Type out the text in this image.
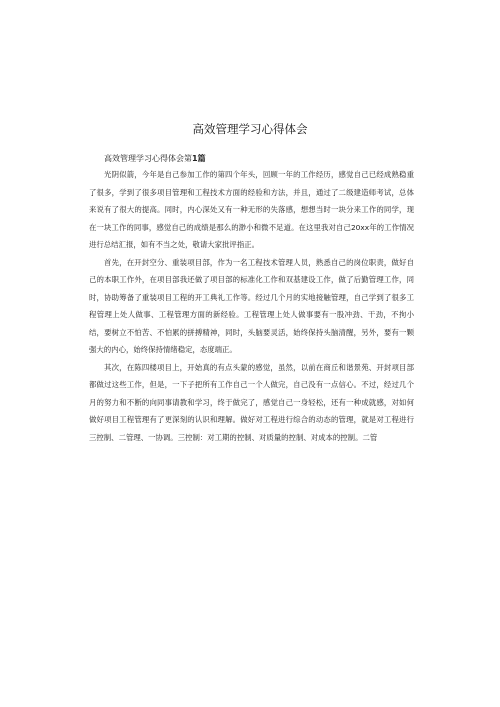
高效管理学习心得体会

高效管理学习心得体会第1篇

光阴似箭，今年是自己参加工作的第四个年头，回顾一年的工作经历，感觉自己已经成熟稳重了很多，学到了很多项目管理和工程技术方面的经验和方法，并且，通过了二级建造师考试，总体来说有了很大的提高。同时，内心深处又有一种无形的失落感，想想当时一块分来工作的同学，现在一块工作的同事，感觉自己的成绩是那么的渺小和微不足道。在这里我对自己20xx年的工作情况进行总结汇报，如有不当之处，敬请大家批评指正。

首先，在开封空分、重装项目部，作为一名工程技术管理人员，熟悉自己的岗位职责，做好自己的本职工作外，在项目部我还做了项目部的标准化工作和双基建设工作，做了后勤管理工作，同时，协助筹备了重装项目工程的开工典礼工作等。经过几个月的实地接触管理，自己学到了很多工程管理上处人做事、工程管理方面的新经验。工程管理上处人做事要有一股冲劲、干劲，不拘小结，要树立不怕苦、不怕累的拼搏精神，同时，头脑要灵活，始终保持头脑清醒，另外，要有一颗强大的内心，始终保持情绪稳定，态度端正。

其次，在陈四楼项目上，开始真的有点头蒙的感觉，虽然，以前在商丘和谐景苑、开封项目部都做过这些工作，但是，一下子把所有工作自己一个人做完，自己没有一点信心。不过，经过几个月的努力和不断的向同事请教和学习，终于做完了，感觉自己一身轻松，还有一种成就感，对如何做好项目工程管理有了更深刻的认识和理解。做好对工程进行综合的动态的管理，就是对工程进行三控制、二管理、一协调。三控制：对工期的控制、对质量的控制、对成本的控制。二管
